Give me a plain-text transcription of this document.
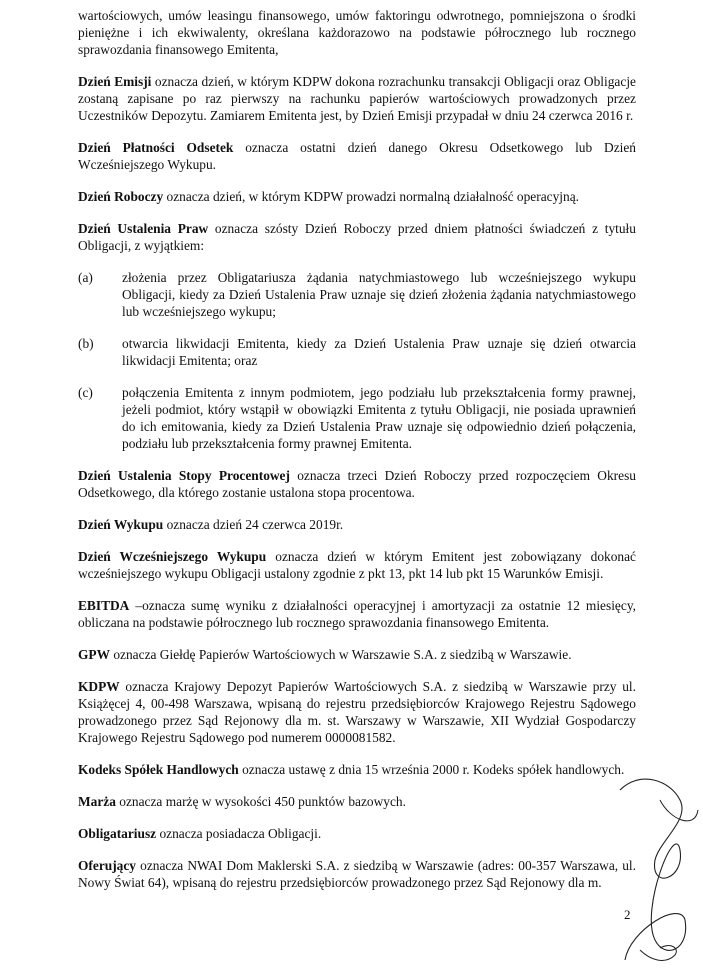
wartościowych, umów leasingu finansowego, umów faktoringu odwrotnego, pomniejszona o środki pieniężne i ich ekwiwalenty, określana każdorazowo na podstawie półrocznego lub rocznego sprawozdania finansowego Emitenta,

Dzień Emisji oznacza dzień, w którym KDPW dokona rozrachunku transakcji Obligacji oraz Obligacje zostaną zapisane po raz pierwszy na rachunku papierów wartościowych prowadzonych przez Uczestników Depozytu. Zamiarem Emitenta jest, by Dzień Emisji przypadał w dniu 24 czerwca 2016 r.

Dzień Płatności Odsetek oznacza ostatni dzień danego Okresu Odsetkowego lub Dzień Wcześniejszego Wykupu.

Dzień Roboczy oznacza dzień, w którym KDPW prowadzi normalną działalność operacyjną.

Dzień Ustalenia Praw oznacza szósty Dzień Roboczy przed dniem płatności świadczeń z tytułu Obligacji, z wyjątkiem:

(a)	złożenia przez Obligatariusza żądania natychmiastowego lub wcześniejszego wykupu Obligacji, kiedy za Dzień Ustalenia Praw uznaje się dzień złożenia żądania natychmiastowego lub wcześniejszego wykupu;
(b)	otwarcia likwidacji Emitenta, kiedy za Dzień Ustalenia Praw uznaje się dzień otwarcia likwidacji Emitenta; oraz
(c)	połączenia Emitenta z innym podmiotem, jego podziału lub przekształcenia formy prawnej, jeżeli podmiot, który wstąpił w obowiązki Emitenta z tytułu Obligacji, nie posiada uprawnień do ich emitowania, kiedy za Dzień Ustalenia Praw uznaje się odpowiednio dzień połączenia, podziału lub przekształcenia formy prawnej Emitenta.

Dzień Ustalenia Stopy Procentowej oznacza trzeci Dzień Roboczy przed rozpoczęciem Okresu Odsetkowego, dla którego zostanie ustalona stopa procentowa.

Dzień Wykupu oznacza dzień 24 czerwca 2019r.

Dzień Wcześniejszego Wykupu oznacza dzień w którym Emitent jest zobowiązany dokonać wcześniejszego wykupu Obligacji ustalony zgodnie z pkt 13, pkt 14 lub pkt 15 Warunków Emisji.

EBITDA –oznacza sumę wyniku z działalności operacyjnej i amortyzacji za ostatnie 12 miesięcy, obliczana na podstawie półrocznego lub rocznego sprawozdania finansowego Emitenta.

GPW oznacza Giełdę Papierów Wartościowych w Warszawie S.A. z siedzibą w Warszawie.

KDPW oznacza Krajowy Depozyt Papierów Wartościowych S.A. z siedzibą w Warszawie przy ul. Książęcej 4, 00-498 Warszawa, wpisaną do rejestru przedsiębiorców Krajowego Rejestru Sądowego prowadzonego przez Sąd Rejonowy dla m. st. Warszawy w Warszawie, XII Wydział Gospodarczy Krajowego Rejestru Sądowego pod numerem 0000081582.

Kodeks Spółek Handlowych oznacza ustawę z dnia 15 września 2000 r. Kodeks spółek handlowych.

Marża oznacza marżę w wysokości 450 punktów bazowych.

Obligatariusz oznacza posiadacza Obligacji.

Oferujący oznacza NWAI Dom Maklerski S.A. z siedzibą w Warszawie (adres: 00-357 Warszawa, ul. Nowy Świat 64), wpisaną do rejestru przedsiębiorców prowadzonego przez Sąd Rejonowy dla m.

2
